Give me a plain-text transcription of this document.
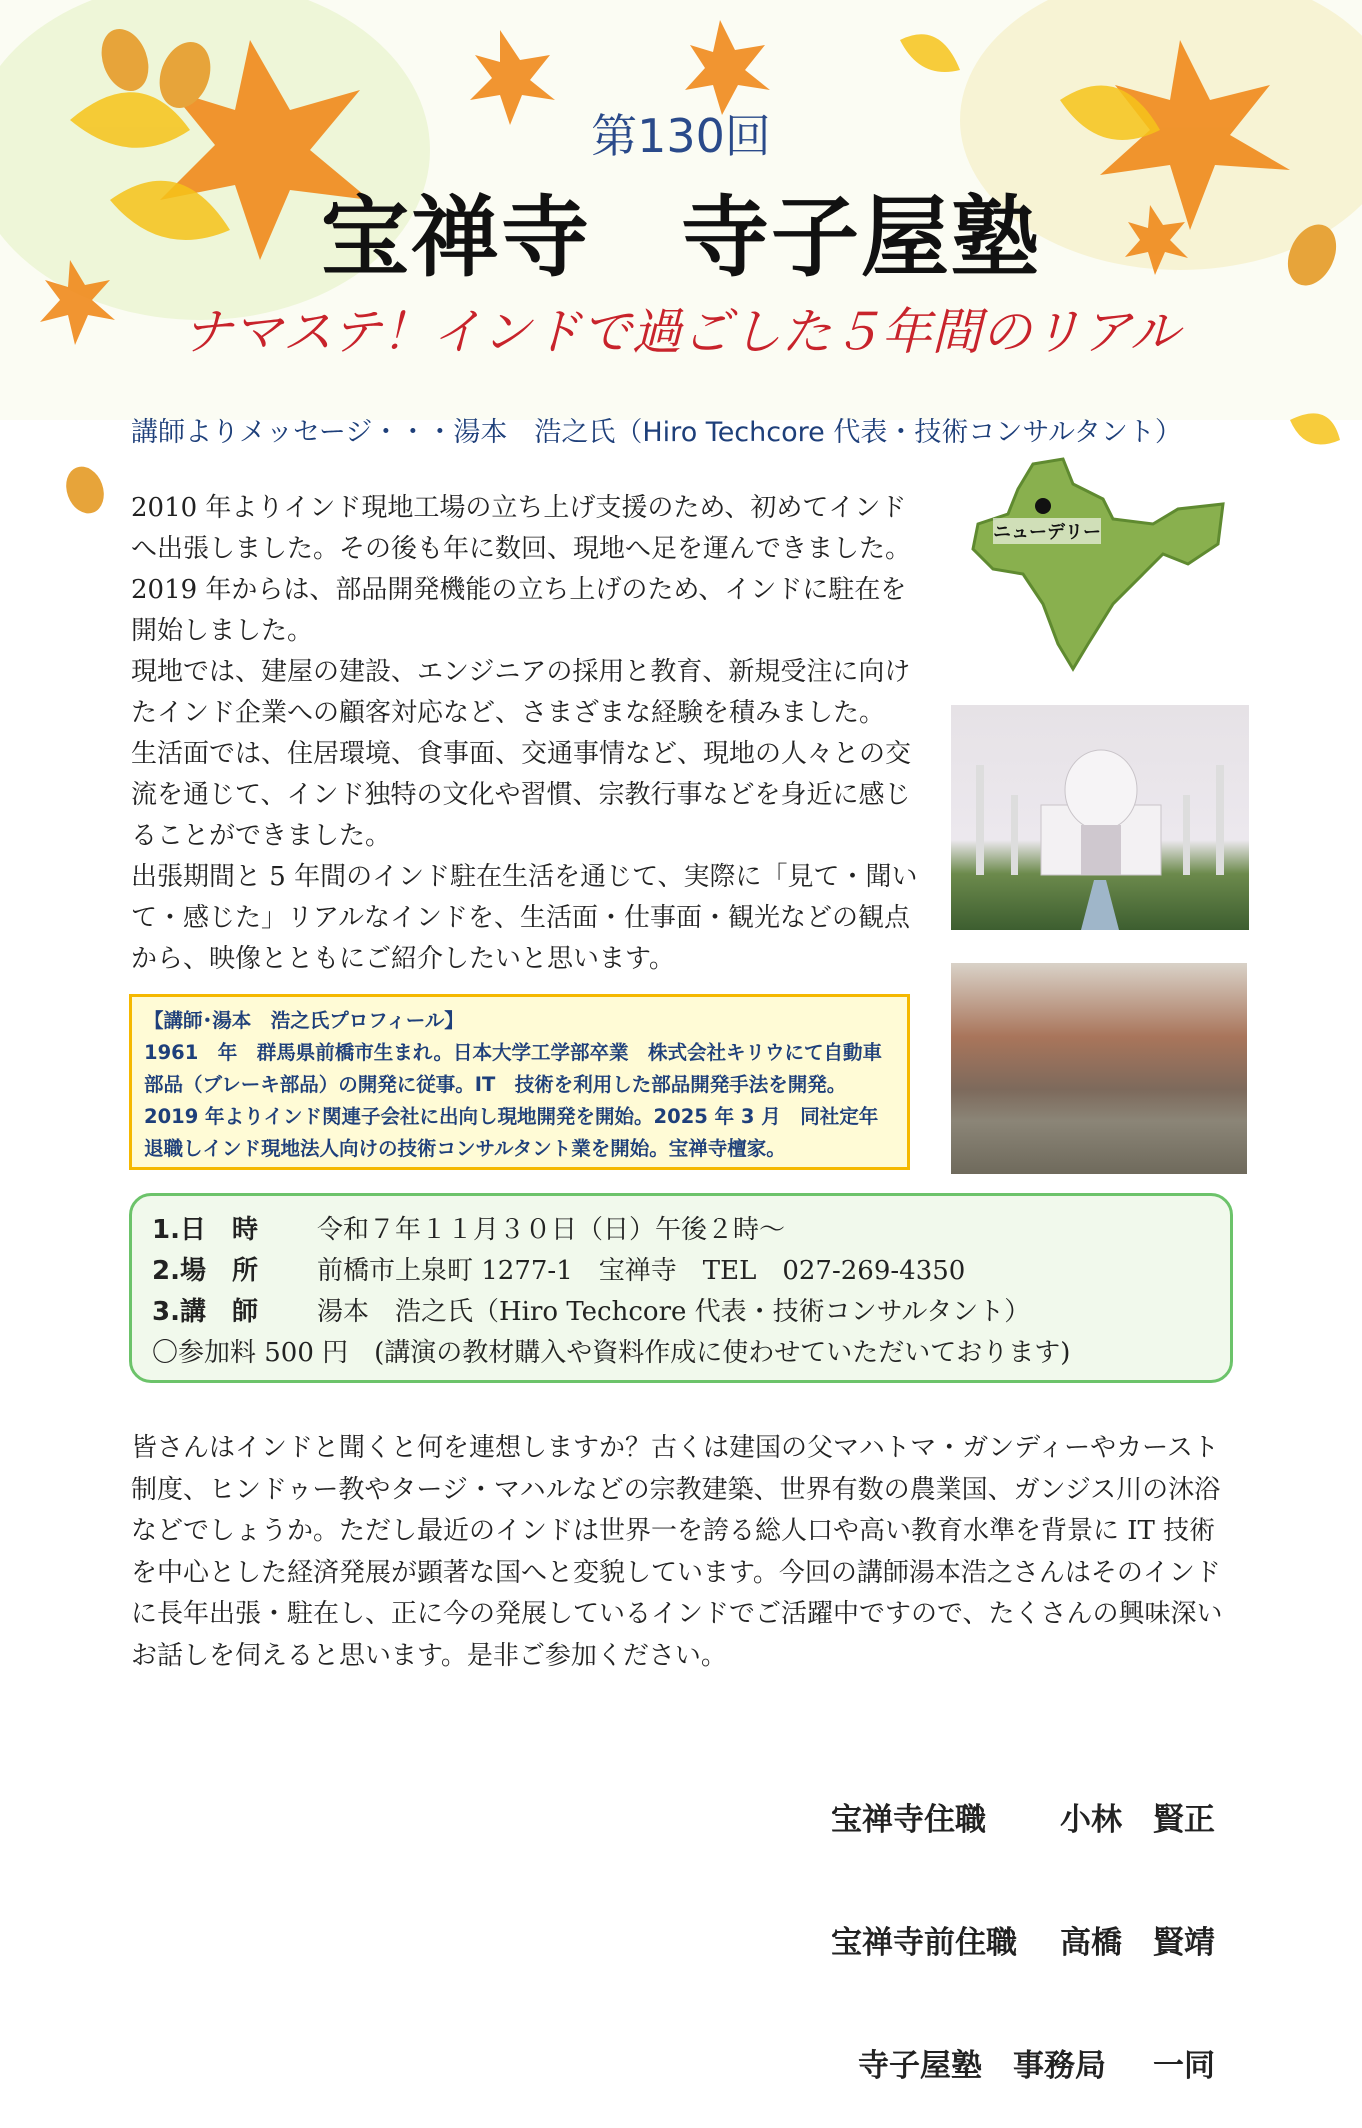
第130回
宝禅寺　寺子屋塾
ナマステ！インドで過ごした５年間のリアル
講師よりメッセージ・・・湯本　浩之氏（Hiro Techcore 代表・技術コンサルタント）

2010 年よりインド現地工場の立ち上げ支援のため、初めてインドへ出張しました。その後も年に数回、現地へ足を運んできました。2019 年からは、部品開発機能の立ち上げのため、インドに駐在を開始しました。

現地では、建屋の建設、エンジニアの採用と教育、新規受注に向けたインド企業への顧客対応など、さまざまな経験を積みました。

生活面では、住居環境、食事面、交通事情など、現地の人々との交流を通じて、インド独特の文化や習慣、宗教行事などを身近に感じることができました。

出張期間と 5 年間のインド駐在生活を通じて、実際に「見て・聞いて・感じた」リアルなインドを、生活面・仕事面・観光などの観点から、映像とともにご紹介したいと思います。

ニューデリー
【講師･湯本　浩之氏プロフィール】
1961　年　群馬県前橋市生まれ。日本大学工学部卒業　株式会社キリウにて自動車部品（ブレーキ部品）の開発に従事。IT　技術を利用した部品開発手法を開発。2019 年よりインド関連子会社に出向し現地開発を開始。2025 年 3 月　同社定年退職しインド現地法人向けの技術コンサルタント業を開始。宝禅寺檀家。
1.日　時	令和７年１１月３０日（日）午後２時～
2.場　所	前橋市上泉町 1277-1　宝禅寺　TEL　027-269-4350
3.講　師	湯本　浩之氏（Hiro Techcore 代表・技術コンサルタント）
〇参加料 500 円　(講演の教材購入や資料作成に使わせていただいております)
皆さんはインドと聞くと何を連想しますか？古くは建国の父マハトマ・ガンディーやカースト制度、ヒンドゥー教やタージ・マハルなどの宗教建築、世界有数の農業国、ガンジス川の沐浴などでしょうか。ただし最近のインドは世界一を誇る総人口や高い教育水準を背景に IT 技術を中心とした経済発展が顕著な国へと変貌しています。今回の講師湯本浩之さんはそのインドに長年出張・駐在し、正に今の発展しているインドでご活躍中ですので、たくさんの興味深いお話しを伺えると思います。是非ご参加ください。

宝禅寺住職	小林　賢正

宝禅寺前住職	高橋　賢靖

寺子屋塾　事務局	一同
